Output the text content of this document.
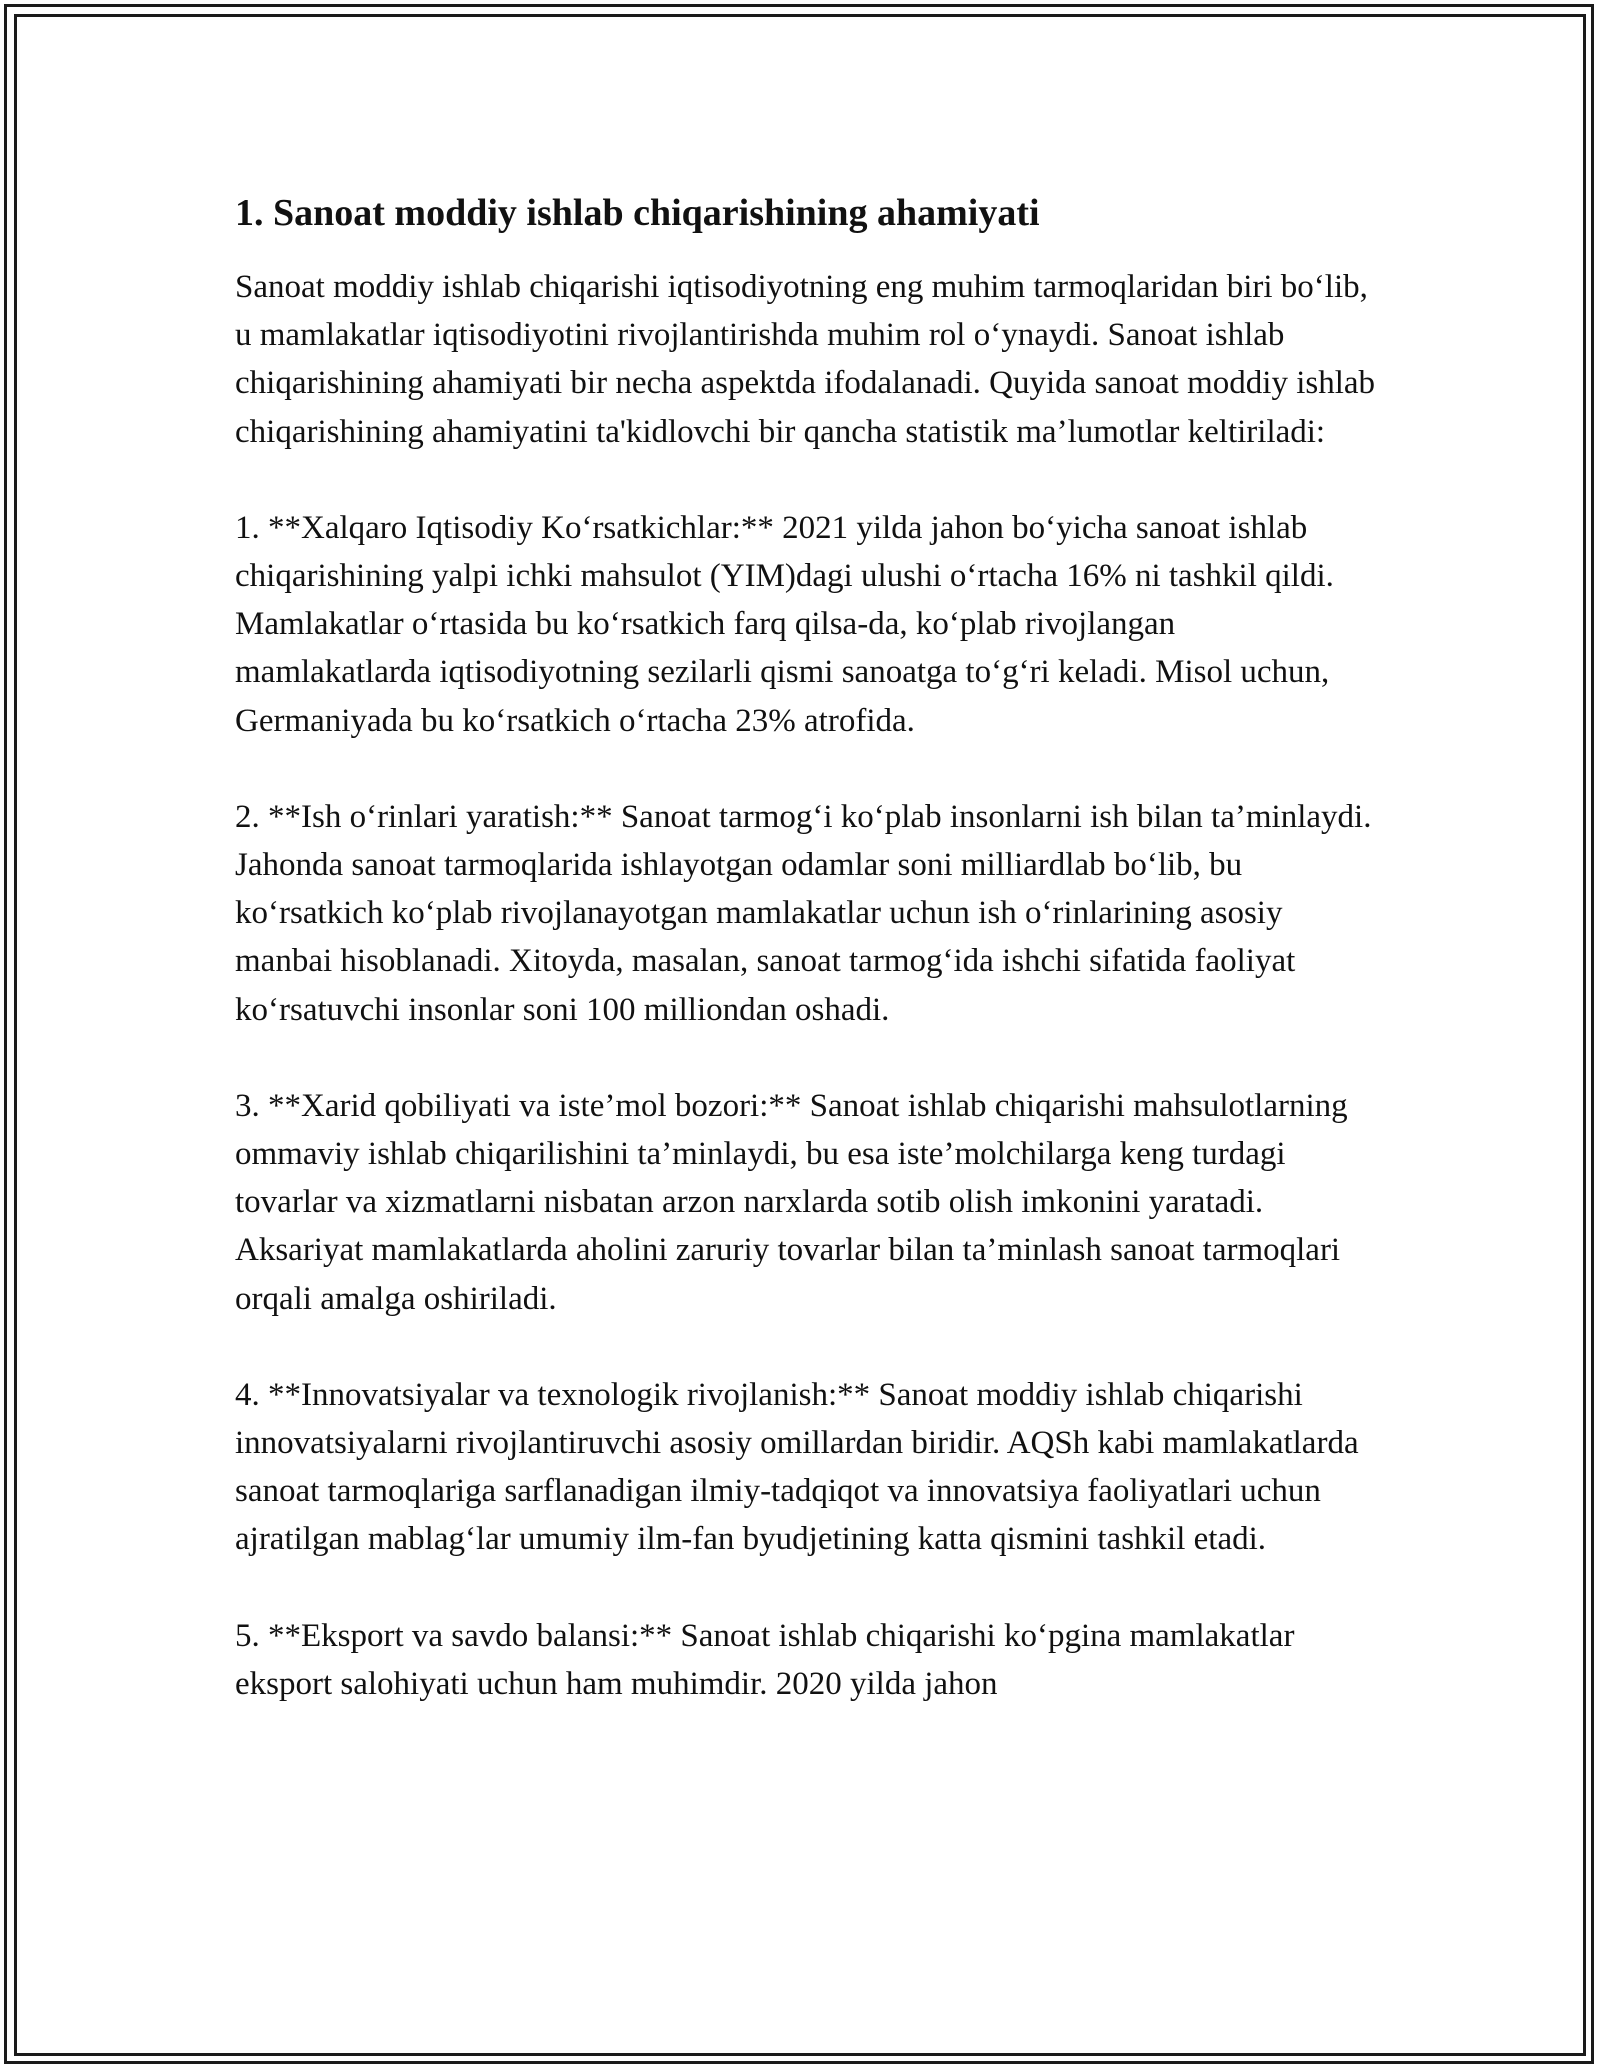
1. Sanoat moddiy ishlab chiqarishining ahamiyati

Sanoat moddiy ishlab chiqarishi iqtisodiyotning eng muhim tarmoqlaridan biri bo‘lib, u mamlakatlar iqtisodiyotini rivojlantirishda muhim rol o‘ynaydi. Sanoat ishlab chiqarishining ahamiyati bir necha aspektda ifodalanadi. Quyida sanoat moddiy ishlab chiqarishining ahamiyatini ta'kidlovchi bir qancha statistik ma’lumotlar keltiriladi:

1. **Xalqaro Iqtisodiy Ko‘rsatkichlar:** 2021 yilda jahon bo‘yicha sanoat ishlab chiqarishining yalpi ichki mahsulot (YIM)dagi ulushi o‘rtacha 16% ni tashkil qildi. Mamlakatlar o‘rtasida bu ko‘rsatkich farq qilsa-da, ko‘plab rivojlangan mamlakatlarda iqtisodiyotning sezilarli qismi sanoatga to‘g‘ri keladi. Misol uchun, Germaniyada bu ko‘rsatkich o‘rtacha 23% atrofida.

2. **Ish o‘rinlari yaratish:** Sanoat tarmog‘i ko‘plab insonlarni ish bilan ta’minlaydi. Jahonda sanoat tarmoqlarida ishlayotgan odamlar soni milliardlab bo‘lib, bu ko‘rsatkich ko‘plab rivojlanayotgan mamlakatlar uchun ish o‘rinlarining asosiy manbai hisoblanadi. Xitoyda, masalan, sanoat tarmog‘ida ishchi sifatida faoliyat ko‘rsatuvchi insonlar soni 100 milliondan oshadi.

3. **Xarid qobiliyati va iste’mol bozori:** Sanoat ishlab chiqarishi mahsulotlarning ommaviy ishlab chiqarilishini ta’minlaydi, bu esa iste’molchilarga keng turdagi tovarlar va xizmatlarni nisbatan arzon narxlarda sotib olish imkonini yaratadi. Aksariyat mamlakatlarda aholini zaruriy tovarlar bilan ta’minlash sanoat tarmoqlari orqali amalga oshiriladi.

4. **Innovatsiyalar va texnologik rivojlanish:** Sanoat moddiy ishlab chiqarishi innovatsiyalarni rivojlantiruvchi asosiy omillardan biridir. AQSh kabi mamlakatlarda sanoat tarmoqlariga sarflanadigan ilmiy-tadqiqot va innovatsiya faoliyatlari uchun ajratilgan mablag‘lar umumiy ilm-fan byudjetining katta qismini tashkil etadi.

5. **Eksport va savdo balansi:** Sanoat ishlab chiqarishi ko‘pgina mamlakatlar eksport salohiyati uchun ham muhimdir. 2020 yilda jahon
